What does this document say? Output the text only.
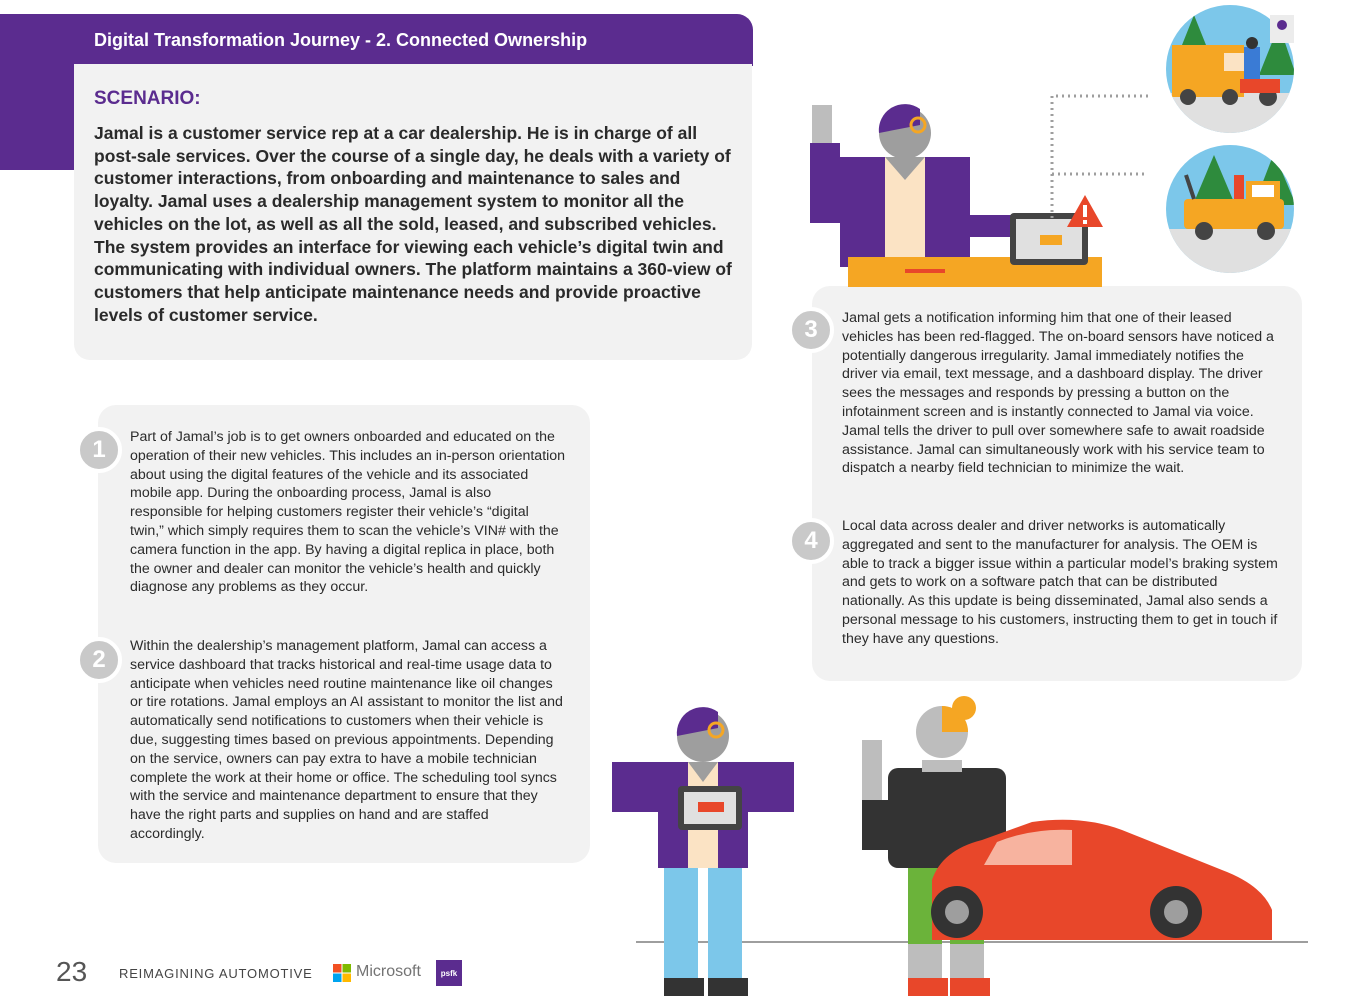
Digital Transformation Journey - 2. Connected Ownership
SCENARIO:
Jamal is a customer service rep at a car dealership. He is in charge of all post-sale services. Over the course of a single day, he deals with a variety of customer interactions, from onboarding and maintenance to sales and loyalty. Jamal uses a dealership management system to monitor all the vehicles on the lot, as well as all the sold, leased, and subscribed vehicles. The system provides an interface for viewing each vehicle’s digital twin and communicating with individual owners. The platform maintains a 360-view of customers that help anticipate maintenance needs and provide proactive levels of customer service.
1	Part of Jamal’s job is to get owners onboarded and educated on the operation of their new vehicles. This includes an in-person orientation about using the digital features of the vehicle and its associated mobile app. During the onboarding process, Jamal is also responsible for helping customers register their vehicle’s “digital twin,” which simply requires them to scan the vehicle’s VIN# with the camera function in the app. By having a digital replica in place, both the owner and dealer can monitor the vehicle’s health and quickly diagnose any problems as they occur.
2	Within the dealership’s management platform, Jamal can access a service dashboard that tracks historical and real-time usage data to anticipate when vehicles need routine maintenance like oil changes or tire rotations. Jamal employs an AI assistant to monitor the list and automatically send notifications to customers when their vehicle is due, suggesting times based on previous appointments. Depending on the service, owners can pay extra to have a mobile technician complete the work at their home or office. The scheduling tool syncs with the service and maintenance department to ensure that they have the right parts and supplies on hand and are staffed accordingly.
3	Jamal gets a notification informing him that one of their leased vehicles has been red-flagged. The on-board sensors have noticed a potentially dangerous irregularity. Jamal immediately notifies the driver via email, text message, and a dashboard display. The driver sees the messages and responds by pressing a button on the infotainment screen and is instantly connected to Jamal via voice. Jamal tells the driver to pull over somewhere safe to await roadside assistance. Jamal can simultaneously work with his service team to dispatch a nearby field technician to minimize the wait.
4
Local data across dealer and driver networks is automatically aggregated and sent to the manufacturer for analysis. The OEM is able to track a bigger issue within a particular model’s braking system and gets to work on a software patch that can be distributed nationally. As this update is being disseminated, Jamal also sends a personal message to his customers, instructing them to get in touch if they have any questions.
23 REIMAGINING AUTOMOTIVE	Microsoft	psfk
